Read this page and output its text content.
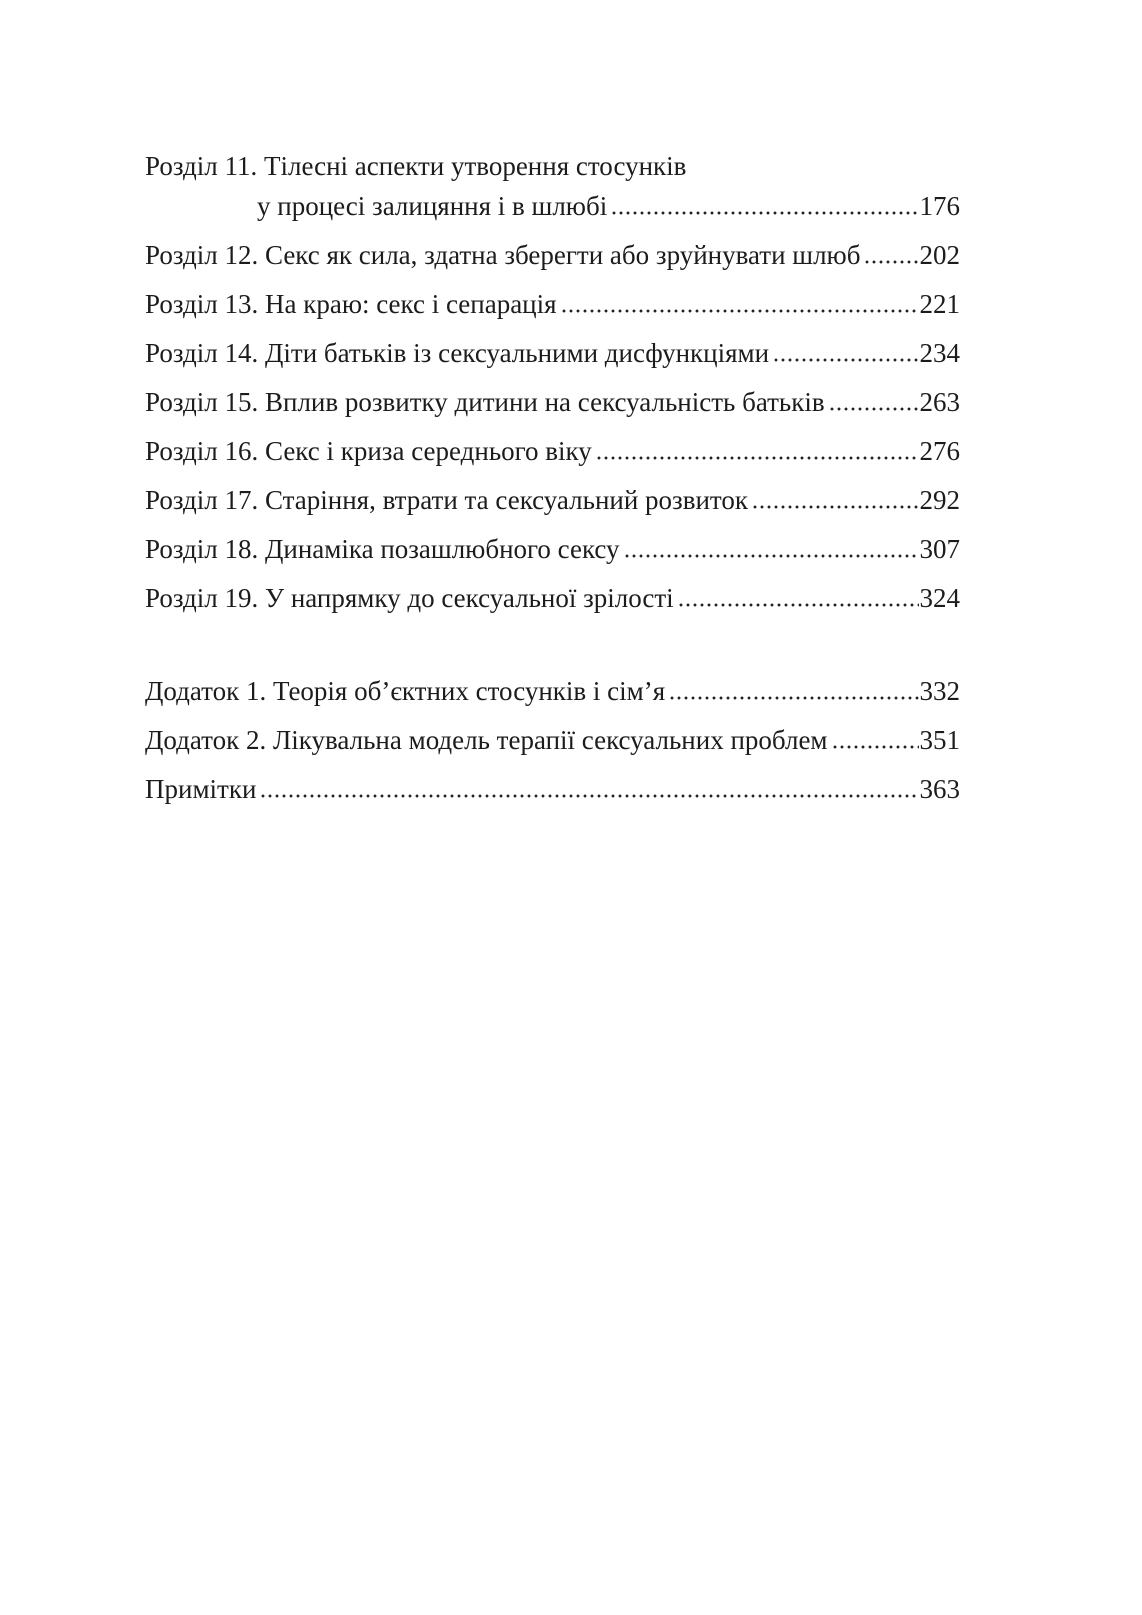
Розділ 11. Тілесні аспекти утворення стосунків
у процесі залицяння і в шлюбі	176
Розділ 12. Секс як сила, здатна зберегти або зруйнувати шлюб 202
Розділ 13. На краю: секс і сепарація	221
Розділ 14. Діти батьків із сексуальними дисфункціями	234
Розділ 15. Вплив розвитку дитини на сексуальність батьків	263
Розділ 16. Секс і криза середнього віку	276
Розділ 17. Старіння, втрати та сексуальний розвиток	292
Розділ 18. Динаміка позашлюбного сексу	307
Розділ 19. У напрямку до сексуальної зрілості	324
Додаток 1. Теорія об’єктних стосунків і сім’я	332
Додаток 2. Лікувальна модель терапії сексуальних проблем	351
Примітки	363
